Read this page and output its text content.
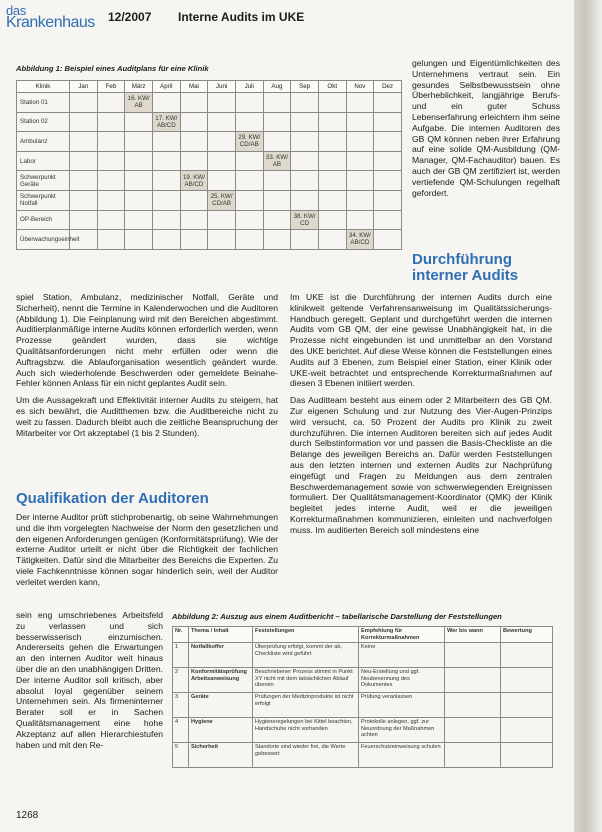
das
Krankenhaus 12/2007 Interne Audits im UKE
Abbildung 1: Beispiel eines Auditplans für eine Klinik
Klinik	Jan	Feb	März	April	Mai	Juni	Juli	Aug	Sep	Okt	Nov	Dez
Station 01			16. KW/ AB									
Station 02				17. KW/ AB/CD								
Ambulanz							29. KW/ CD/AB					
Labor								33. KW/ AB				
Schwerpunkt Geräte					19. KW/ AB/CD							
Schwerpunkt Notfall						25. KW/ CD/AB						
OP-Bereich									38. KW/ CD			
Überwachungseinheit											34. KW/ AB/CD	

gelungen und Eigentümlichkeiten des Unternehmens vertraut sein. Ein gesundes Selbstbewusstsein ohne Überheblichkeit, langjährige Berufs- und ein guter Schuss Lebenserfahrung erleichtern ihm seine Aufgabe. Die internen Auditoren des GB QM können neben ihrer Erfahrung auf eine solide QM-Ausbildung (QM-Manager, QM-Fachauditor) bauen. Es auch der GB QM zertifiziert ist, werden vertiefende QM-Schulungen regelhaft gefordert.

Durchführung interner Audits

spiel Station, Ambulanz, medizinischer Notfall, Geräte und Sicherheit), nennt die Termine in Kalenderwochen und die Auditoren (Abbildung 1). Die Feinplanung wird mit den Bereichen abgestimmt. Auditierplanmäßige interne Audits können erforderlich werden, wenn Prozesse geändert wurden, dass sie wichtige Qualitätsanforderungen nicht mehr erfüllen oder wenn die Auftragsbzw. die Ablauforganisation wesentlich geändert wurde. Auch sich wiederholende Beschwerden oder gemeldete Beinahe-Fehler können Anlass für ein nicht geplantes Audit sein.

Um die Aussagekraft und Effektivität interner Audits zu steigern, hat es sich bewährt, die Auditthemen bzw. die Auditbereiche nicht zu weit zu fassen. Dadurch bleibt auch die zeitliche Beanspruchung der Mitarbeiter vor Ort akzeptabel (1 bis 2 Stunden).

Qualifikation der Auditoren

Der interne Auditor prüft stichprobenartig, ob seine Wahrnehmungen und die ihm vorgelegten Nachweise der Norm den gesetzlichen und den eigenen Anforderungen genügen (Konformitätsprüfung). Wie der externe Auditor urteilt er nicht über die Richtigkeit der fachlichen Tätigkeiten. Dafür sind die Mitarbeiter des Bereichs die Experten. Zu viele Fachkenntnisse können sogar hinderlich sein, weil der Auditor verleitet werden kann,

sein eng umschriebenes Arbeitsfeld zu verlassen und sich besserwisserisch einzumischen. Andererseits gehen die Erwartungen an den internen Auditor weit hinaus über die an den unabhängigen Dritten. Der interne Auditor soll kritisch, aber absolut loyal gegenüber seinem Unternehmen sein. Als firmeninterner Berater soll er in Sachen Qualitätsmanagement eine hohe Akzeptanz auf allen Hierarchiestufen haben und mit den Re-

Im UKE ist die Durchführung der internen Audits durch eine klinikweit geltende Verfahrensanweisung im Qualitätssicherungs-Handbuch geregelt. Geplant und durchgeführt werden die internen Audits vom GB QM, der eine gewisse Unabhängigkeit hat, in die Prozesse nicht eingebunden ist und unmittelbar an den Vorstand des UKE berichtet. Auf diese Weise können die Feststellungen eines Audits auf 3 Ebenen, zum Beispiel einer Station, einer Klinik oder UKE-weit betrachtet und entsprechende Korrekturmaßnahmen auf diesen 3 Ebenen initiiert werden.

Das Auditteam besteht aus einem oder 2 Mitarbeitern des GB QM. Zur eigenen Schulung und zur Nutzung des Vier-Augen-Prinzips wird versucht, ca. 50 Prozent der Audits pro Klinik zu zweit durchzuführen. Die internen Auditoren bereiten sich auf jedes Audit durch Selbstinformation vor und passen die Basis-Checkliste an die Belange des jeweiligen Bereichs an. Dafür werden Feststellungen aus den letzten internen und externen Audits zur Nachprüfung eingefügt und Fragen zu Meldungen aus dem zentralen Beschwerdemanagement sowie von schwerwiegenden Ereignissen formuliert. Der Qualitätsmanagement-Koordinator (QMK) der Klinik begleitet jedes interne Audit, weil er die jeweiligen Korrekturmaßnahmen kommunizieren, einleiten und nachverfolgen muss. Im auditierten Bereich soll mindestens eine

Abbildung 2: Auszug aus einem Auditbericht – tabellarische Darstellung der Feststellungen
Nr.	Thema / Inhalt	Feststellungen	Empfehlung für Korrekturmaßnahmen	Wer bis wann	Bewertung
1	Notfallkoffer	Überprüfung erfolgt, kommt der ab, Checkliste wird geführt	Keine		
2	Konformitätsprüfung Arbeitsanweisung	Beschriebener Prozess stimmt in Punkt XY nicht mit dem tatsächlichen Ablauf überein	Neu-Erstellung und ggf. Neubenennung des Dokumentes		
3	Geräte	Prüfungen der Medizinprodukte ist nicht erfolgt	Prüfung veranlassen		
4	Hygiene	Hygieneregelungen bei Kittel beachten, Handschuhe nicht vorhanden	Protokolle anlegen, ggf. zur Neuordnung der Maßnahmen achten		
5	Sicherheit	Standorte sind wieder frei, die Werte gebessert	Feuerschutzeinweisung schulen		
1268
